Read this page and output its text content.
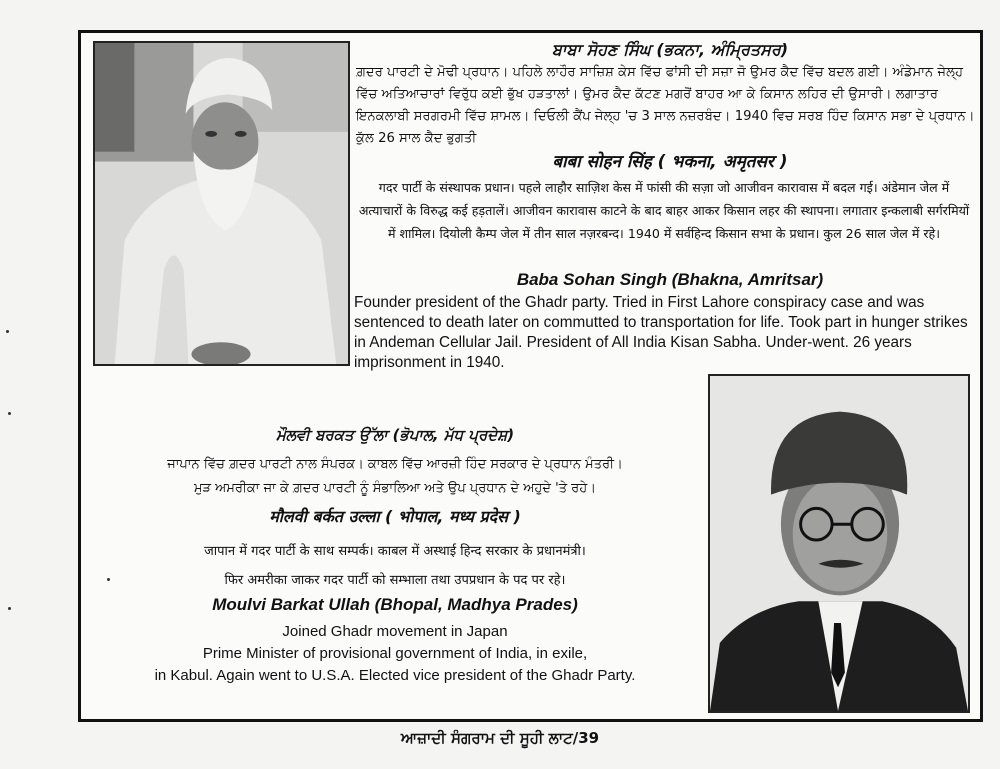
ਬਾਬਾ ਸੋਹਣ ਸਿੰਘ (ਭਕਨਾ, ਅੰਮ੍ਰਿਤਸਰ)
ਗ਼ਦਰ ਪਾਰਟੀ ਦੇ ਮੋਢੀ ਪ੍ਰਧਾਨ। ਪਹਿਲੇ ਲਾਹੌਰ ਸਾਜ਼ਿਸ਼ ਕੇਸ ਵਿੱਚ ਫਾਂਸੀ ਦੀ ਸਜ਼ਾ ਜੋ ਉਮਰ ਕੈਦ ਵਿੱਚ ਬਦਲ ਗਈ। ਅੰਡੇਮਾਨ ਜੇਲ੍ਹ ਵਿੱਚ ਅਤਿਆਚਾਰਾਂ ਵਿਰੁੱਧ ਕਈ ਭੁੱਖ ਹੜਤਾਲਾਂ। ਉਮਰ ਕੈਦ ਕੱਟਣ ਮਗਰੋਂ ਬਾਹਰ ਆ ਕੇ ਕਿਸਾਨ ਲਹਿਰ ਦੀ ਉਸਾਰੀ। ਲਗਾਤਾਰ ਇਨਕਲਾਬੀ ਸਰਗਰਮੀ ਵਿੱਚ ਸ਼ਾਮਲ। ਦਿਓਲੀ ਕੈਂਪ ਜੇਲ੍ਹ 'ਚ 3 ਸਾਲ ਨਜ਼ਰਬੰਦ। 1940 ਵਿਚ ਸਰਬ ਹਿੰਦ ਕਿਸਾਨ ਸਭਾ ਦੇ ਪ੍ਰਧਾਨ। ਕੁੱਲ 26 ਸਾਲ ਕੈਦ ਭੁਗਤੀ
बाबा सोहन सिंह ( भकना, अमृतसर )
गदर पार्टी के संस्थापक प्रधान। पहले लाहौर साज़िश केस में फांसी की सज़ा जो आजीवन कारावास में बदल गई। अंडेमान जेल में अत्याचारों के विरुद्ध कई हड़तालें। आजीवन कारावास काटने के बाद बाहर आकर किसान लहर की स्थापना। लगातार इन्कलाबी सर्गरमियों में शामिल। दियोली कैम्प जेल में तीन साल नज़रबन्द। 1940 में सर्वहिन्द किसान सभा के प्रधान। कुल 26 साल जेल में रहे।
Baba Sohan Singh (Bhakna, Amritsar)
Founder president of the Ghadr party. Tried in First Lahore conspiracy case and was sentenced to death later on commutted to transportation for life. Took part in hunger strikes in Andeman Cellular Jail. President of All India Kisan Sabha. Under-went. 26 years imprisonment in 1940.
ਮੌਲਵੀ ਬਰਕਤ ਉੱਲਾ (ਭੋਪਾਲ, ਮੱਧ ਪ੍ਰਦੇਸ਼)
ਜਾਪਾਨ ਵਿੱਚ ਗ਼ਦਰ ਪਾਰਟੀ ਨਾਲ ਸੰਪਰਕ। ਕਾਬਲ ਵਿੱਚ ਆਰਜ਼ੀ ਹਿੰਦ ਸਰਕਾਰ ਦੇ ਪ੍ਰਧਾਨ ਮੰਤਰੀ।
ਮੁੜ ਅਮਰੀਕਾ ਜਾ ਕੇ ਗ਼ਦਰ ਪਾਰਟੀ ਨੂੰ ਸੰਭਾਲਿਆ ਅਤੇ ਉਪ ਪ੍ਰਧਾਨ ਦੇ ਅਹੁਦੇ 'ਤੇ ਰਹੇ।
मौलवी बर्कत उल्ला ( भोपाल, मध्य प्रदेस )
जापान में गदर पार्टी के साथ सम्पर्क। काबल में अस्थाई हिन्द सरकार के प्रधानमंत्री।
फिर अमरीका जाकर गदर पार्टी को सम्भाला तथा उपप्रधान के पद पर रहे।
Moulvi Barkat Ullah (Bhopal, Madhya Prades)
Joined Ghadr movement in Japan
Prime Minister of provisional government of India, in exile,
in Kabul. Again went to U.S.A. Elected vice president of the Ghadr Party.
ਆਜ਼ਾਦੀ ਸੰਗਰਾਮ ਦੀ ਸੂਹੀ ਲਾਟ/39
